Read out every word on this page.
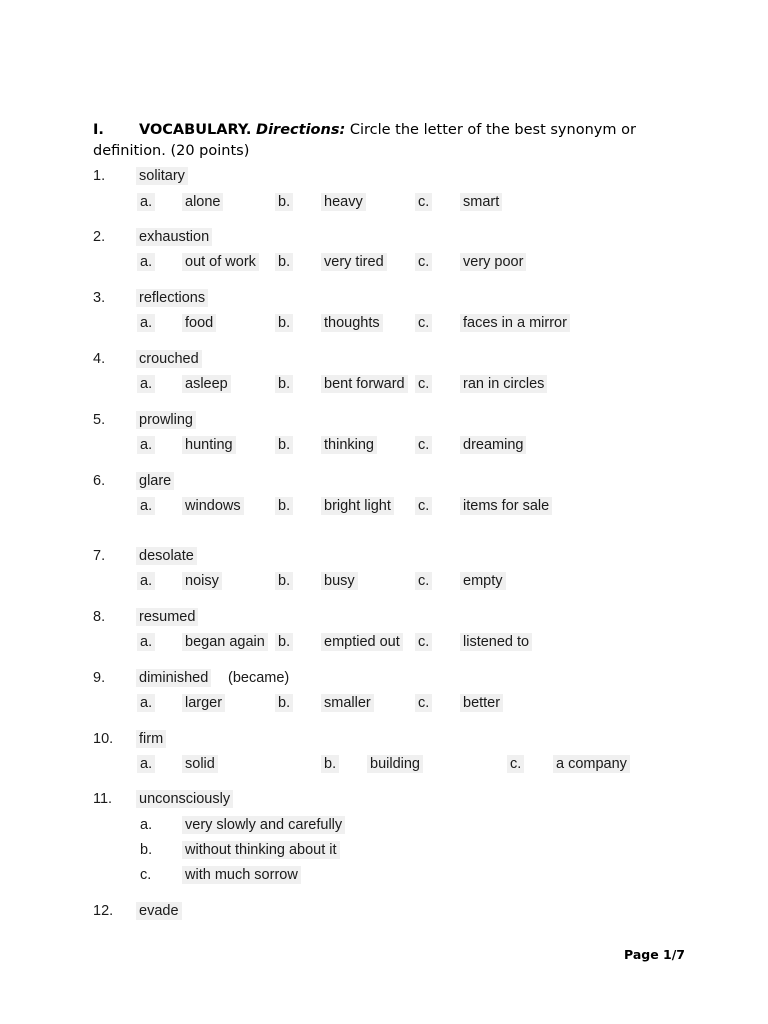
I. VOCABULARY. Directions: Circle the letter of the best synonym or definition. (20 points)
1. solitary
a. alone	b. heavy	c. smart
2. exhaustion
a. out of work b. very tired c. very poor
3. reflections
a. food	b. thoughts	c. faces in a mirror
4. crouched
a. asleep	b. bent forward c. ran in circles
5. prowling
a. hunting	b. thinking	c. dreaming
6. glare
a. windows	b. bright light c. items for sale
7. desolate
a. noisy	b. busy	c. empty
8. resumed
a. began again b. emptied out c. listened to
9. diminished (became)
a. larger	b. smaller	c. better
10. firm
a. solid	b. building	c. a company
11. unconsciously
a. very slowly and carefully
b. without thinking about it
c. with much sorrow
12. evade
Page 1/7
